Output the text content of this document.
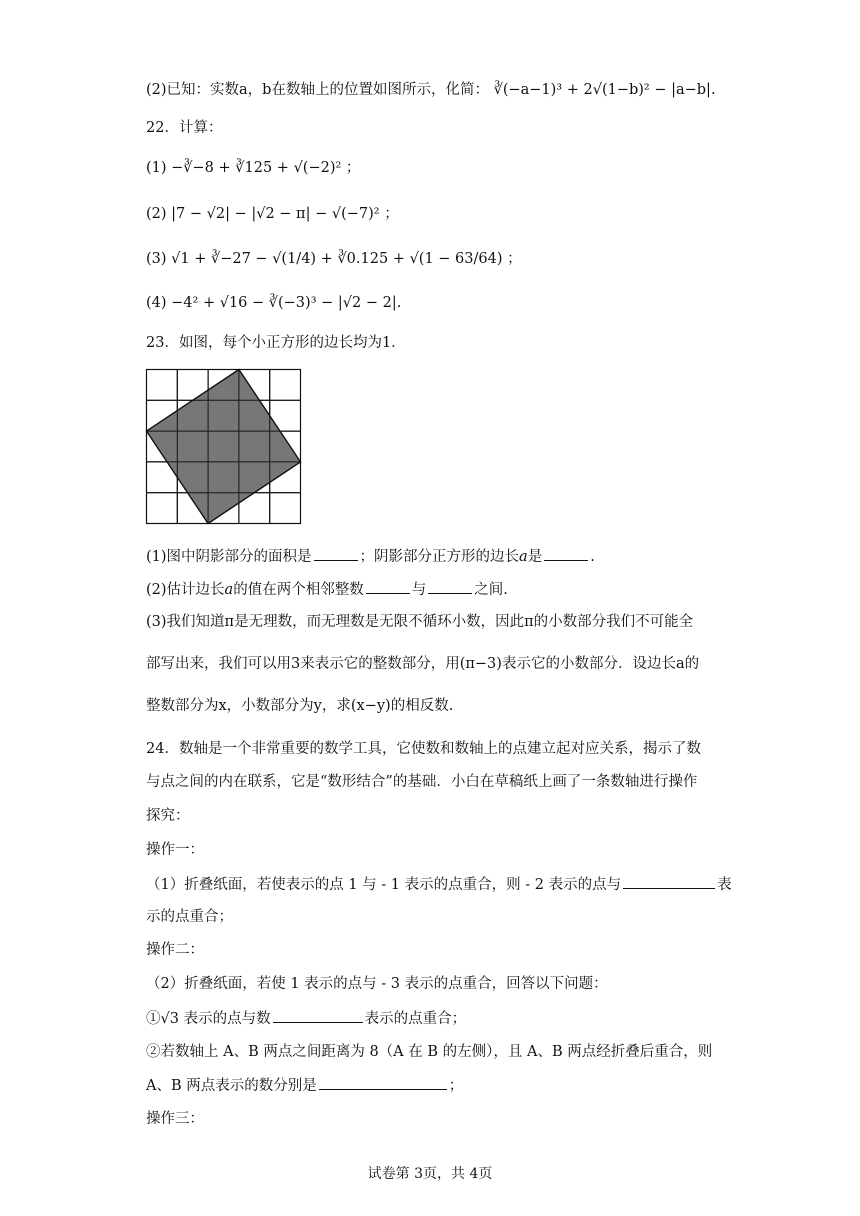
(2)已知：实数a，b在数轴上的位置如图所示，化简： ∛(−a−1)³ + 2√(1−b)² − |a−b|.
22．计算：
(1) −∛−8 + ∛125 + √(−2)² ；
(2) |7 − √2| − |√2 − π| − √(−7)² ；
(3) √1 + ∛−27 − √(1/4) + ∛0.125 + √(1 − 63/64) ；
(4) −4² + √16 − ∛(−3)³ − |√2 − 2|.
23．如图，每个小正方形的边长均为1．
(1)图中阴影部分的面积是	；阴影部分正方形的边长a是	.
(2)估计边长a的值在两个相邻整数	与	之间.
(3)我们知道π是无理数，而无理数是无限不循环小数，因此π的小数部分我们不可能全
部写出来，我们可以用3来表示它的整数部分，用(π−3)表示它的小数部分．设边长a的
整数部分为x，小数部分为y，求(x−y)的相反数.
24．数轴是一个非常重要的数学工具，它使数和数轴上的点建立起对应关系，揭示了数
与点之间的内在联系，它是“数形结合”的基础．小白在草稿纸上画了一条数轴进行操作
探究：
操作一：
（1）折叠纸面，若使表示的点 1 与 - 1 表示的点重合，则 - 2 表示的点与	表
示的点重合；
操作二：
（2）折叠纸面，若使 1 表示的点与 - 3 表示的点重合，回答以下问题：
①√3 表示的点与数	表示的点重合；
②若数轴上 A、B 两点之间距离为 8（A 在 B 的左侧），且 A、B 两点经折叠后重合，则
A、B 两点表示的数分别是	；
操作三：
试卷第 3页，共 4页
